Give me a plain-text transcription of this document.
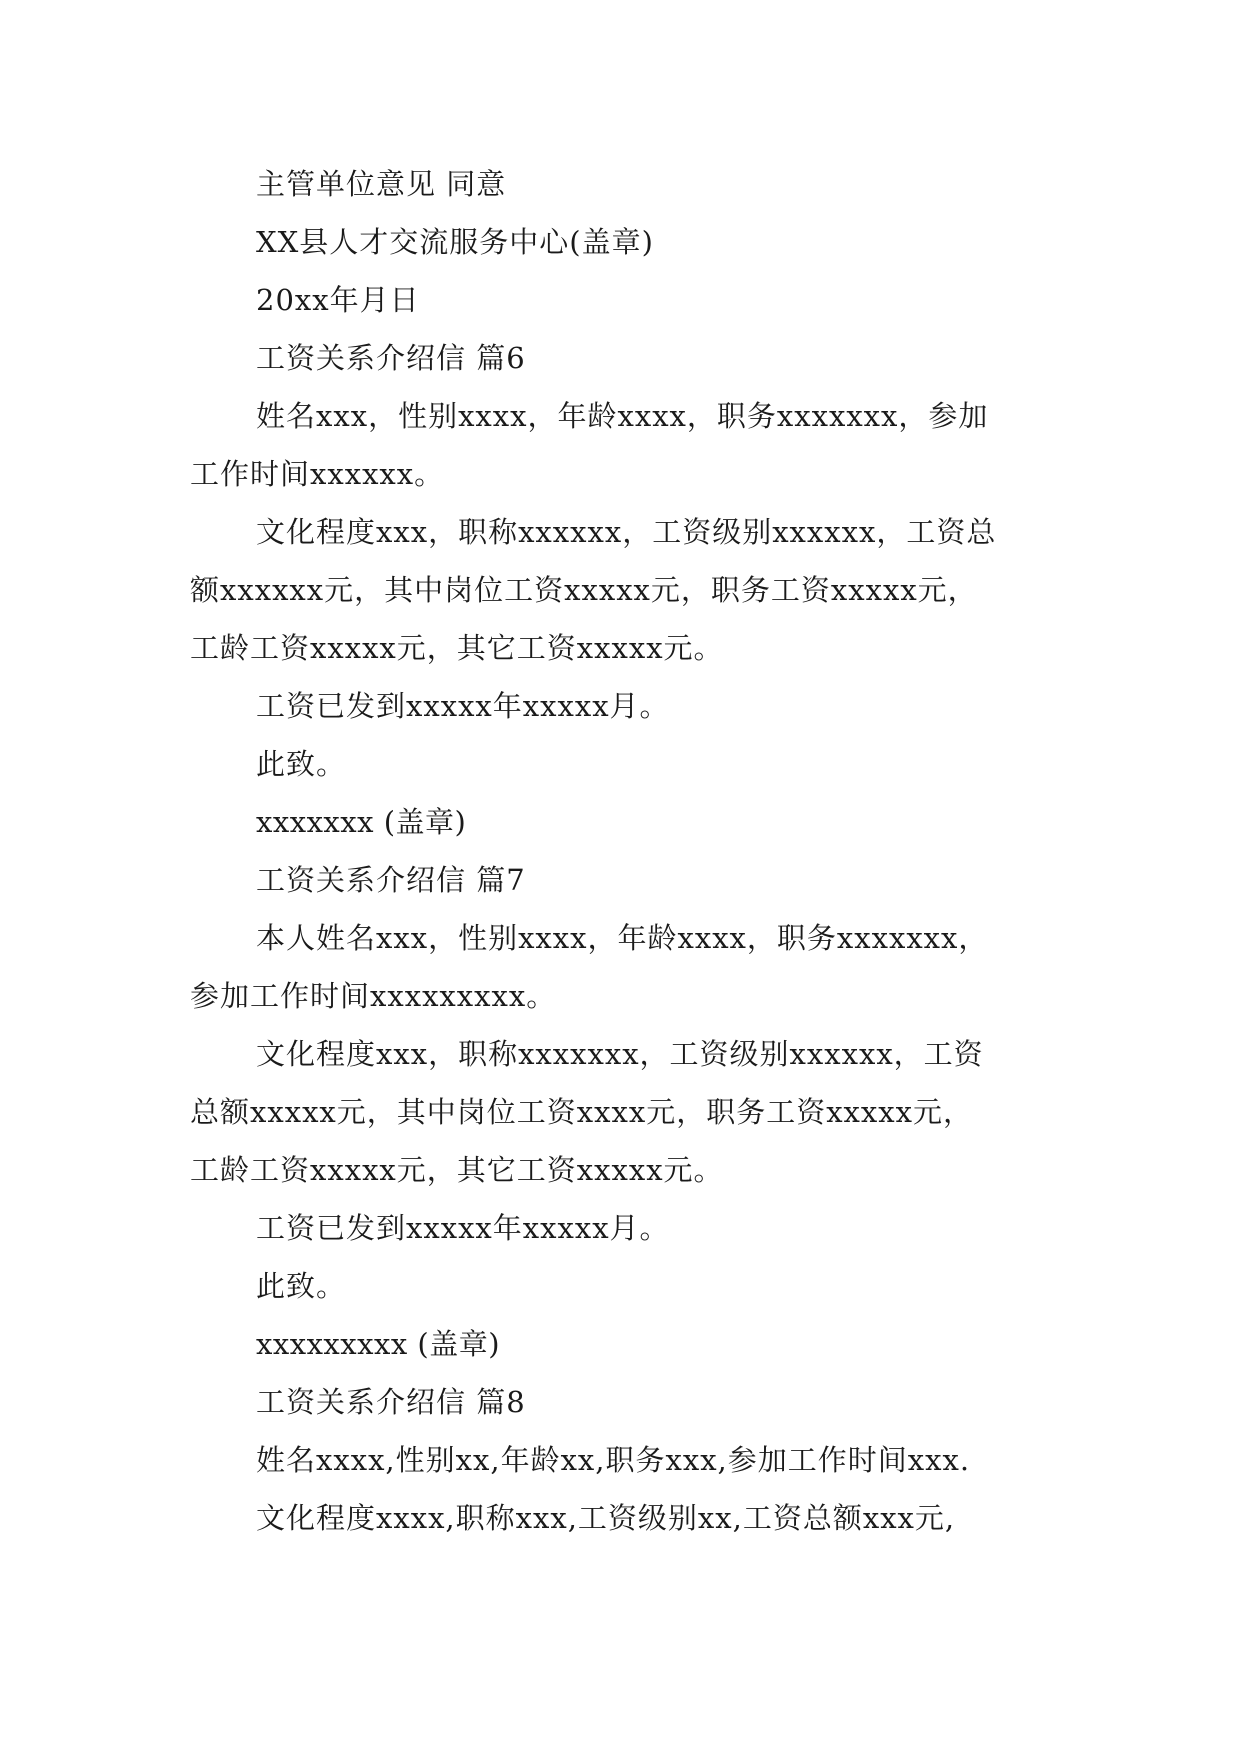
主管单位意见 同意
XX县人才交流服务中心(盖章)
20xx年月日
工资关系介绍信 篇6
姓名xxx，性别xxxx，年龄xxxx，职务xxxxxxx，参加
工作时间xxxxxx。
文化程度xxx，职称xxxxxx，工资级别xxxxxx，工资总
额xxxxxx元，其中岗位工资xxxxx元，职务工资xxxxx元，
工龄工资xxxxx元，其它工资xxxxx元。
工资已发到xxxxx年xxxxx月。
此致。
xxxxxxx (盖章)
工资关系介绍信 篇7
本人姓名xxx，性别xxxx，年龄xxxx，职务xxxxxxx，
参加工作时间xxxxxxxxx。
文化程度xxx，职称xxxxxxx，工资级别xxxxxx，工资
总额xxxxx元，其中岗位工资xxxx元，职务工资xxxxx元，
工龄工资xxxxx元，其它工资xxxxx元。
工资已发到xxxxx年xxxxx月。
此致。
xxxxxxxxx (盖章)
工资关系介绍信 篇8
姓名xxxx,性别xx,年龄xx,职务xxx,参加工作时间xxx.
文化程度xxxx,职称xxx,工资级别xx,工资总额xxx元,
